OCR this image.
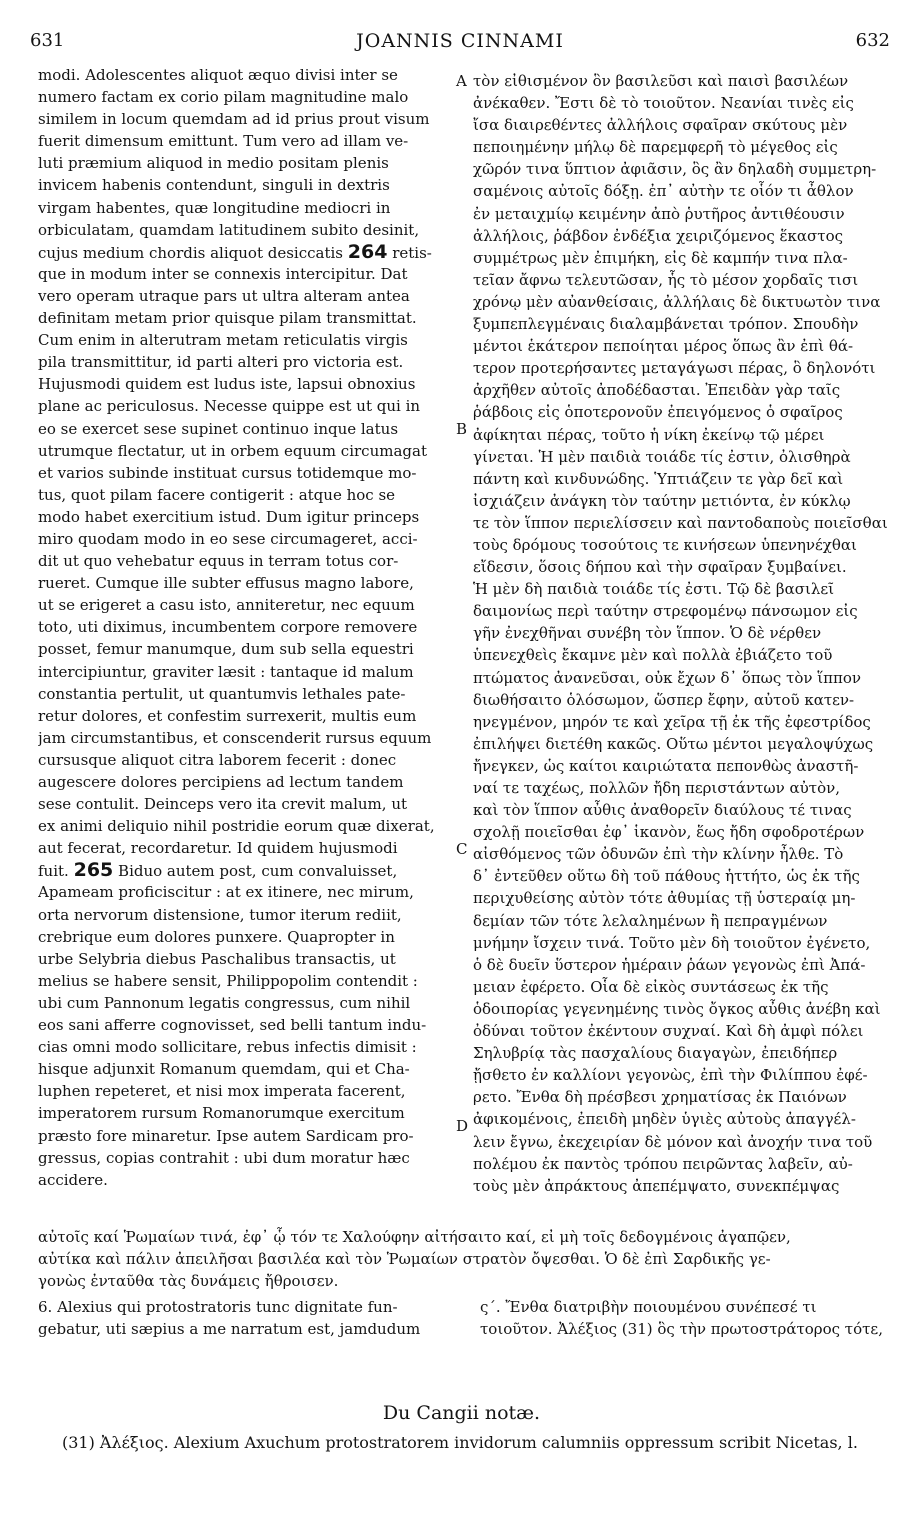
631	JOANNIS CINNAMI	632
modi. Adolescentes aliquot æquo divisi inter se
numero factam ex corio pilam magnitudine malo
similem in locum quemdam ad id prius prout visum
fuerit dimensum emittunt. Tum vero ad illam ve-
luti præmium aliquod in medio positam plenis
invicem habenis contendunt, singuli in dextris
virgam habentes, quæ longitudine mediocri in
orbiculatam, quamdam latitudinem subito desinit,
cujus medium chordis aliquot desiccatis 264 retis-
que in modum inter se connexis intercipitur. Dat
vero operam utraque pars ut ultra alteram antea
definitam metam prior quisque pilam transmittat.
Cum enim in alterutram metam reticulatis virgis
pila transmittitur, id parti alteri pro victoria est.
Hujusmodi quidem est ludus iste, lapsui obnoxius
plane ac periculosus. Necesse quippe est ut qui in
eo se exercet sese supinet continuo inque latus
utrumque flectatur, ut in orbem equum circumagat
et varios subinde instituat cursus totidemque mo-
tus, quot pilam facere contigerit : atque hoc se
modo habet exercitium istud. Dum igitur princeps
miro quodam modo in eo sese circumageret, acci-
dit ut quo vehebatur equus in terram totus cor-
rueret. Cumque ille subter effusus magno labore,
ut se erigeret a casu isto, anniteretur, nec equum
toto, uti diximus, incumbentem corpore removere
posset, femur manumque, dum sub sella equestri
intercipiuntur, graviter læsit : tantaque id malum
constantia pertulit, ut quantumvis lethales pate-
retur dolores, et confestim surrexerit, multis eum
jam circumstantibus, et conscenderit rursus equum
cursusque aliquot citra laborem fecerit : donec
augescere dolores percipiens ad lectum tandem
sese contulit. Deinceps vero ita crevit malum, ut
ex animi deliquio nihil postridie eorum quæ dixerat,
aut fecerat, recordaretur. Id quidem hujusmodi
fuit. 265 Biduo autem post, cum convaluisset,
Apameam proficiscitur : at ex itinere, nec mirum,
orta nervorum distensione, tumor iterum rediit,
crebrique eum dolores punxere. Quapropter in
urbe Selybria diebus Paschalibus transactis, ut
melius se habere sensit, Philippopolim contendit :
ubi cum Pannonum legatis congressus, cum nihil
eos sani afferre cognovisset, sed belli tantum indu-
cias omni modo sollicitare, rebus infectis dimisit :
hisque adjunxit Romanum quemdam, qui et Cha-
luphen repeteret, et nisi mox imperata facerent,
imperatorem rursum Romanorumque exercitum
præsto fore minaretur. Ipse autem Sardicam pro-
gressus, copias contrahit : ubi dum moratur hæc
accidere.
τὸν εἰθισμένον ὃν βασιλεῦσι καὶ παισὶ βασιλέων
ἀνέκαθεν. Ἔστι δὲ τὸ τοιοῦτον. Νεανίαι τινὲς εἰς
ἴσα διαιρεθέντες ἀλλήλοις σφαῖραν σκύτους μὲν
πεποιημένην μήλῳ δὲ παρεμφερῆ τὸ μέγεθος εἰς
χῶρόν τινα ὕπτιον ἀφιᾶσιν, ὃς ἂν δηλαδὴ συμμετρη-
σαμένοις αὐτοῖς δόξῃ. ἐπ᾽ αὐτὴν τε οἷόν τι ἆθλον
ἐν μεταιχμίῳ κειμένην ἀπὸ ῥυτῆρος ἀντιθέουσιν
ἀλλήλοις, ῥάβδον ἐνδέξια χειριζόμενος ἕκαστος
συμμέτρως μὲν ἐπιμήκη, εἰς δὲ καμπήν τινα πλα-
τεῖαν ἄφνω τελευτῶσαν, ἧς τὸ μέσον χορδαῖς τισι
χρόνῳ μὲν αὐανθείσαις, ἀλλήλαις δὲ δικτυωτὸν τινα
ξυμπεπλεγμέναις διαλαμβάνεται τρόπον. Σπουδὴν
μέντοι ἑκάτερον πεποίηται μέρος ὅπως ἂν ἐπὶ θά-
τερον προτερήσαντες μεταγάγωσι πέρας, ὃ δηλονότι
ἀρχῆθεν αὐτοῖς ἀποδέδασται. Ἐπειδὰν γὰρ ταῖς
ῥάβδοις εἰς ὁποτερονοῦν ἐπειγόμενος ὁ σφαῖρος
ἀφίκηται πέρας, τοῦτο ἡ νίκη ἐκείνῳ τῷ μέρει
γίνεται. Ἡ μὲν παιδιὰ τοιάδε τίς ἐστιν, ὀλισθηρὰ
πάντη καὶ κινδυνώδης. Ὑπτιάζειν τε γὰρ δεῖ καὶ
ἰσχιάζειν ἀνάγκη τὸν ταύτην μετιόντα, ἐν κύκλῳ
τε τὸν ἵππον περιελίσσειν καὶ παντοδαποὺς ποιεῖσθαι
τοὺς δρόμους τοσούτοις τε κινήσεων ὑπενηνέχθαι
εἴδεσιν, ὅσοις δήπου καὶ τὴν σφαῖραν ξυμβαίνει.
Ἡ μὲν δὴ παιδιὰ τοιάδε τίς ἐστι. Τῷ δὲ βασιλεῖ
δαιμονίως περὶ ταύτην στρεφομένῳ πάνσωμον εἰς
γῆν ἐνεχθῆναι συνέβη τὸν ἵππον. Ὁ δὲ νέρθεν
ὑπενεχθεὶς ἔκαμνε μὲν καὶ πολλὰ ἐβιάζετο τοῦ
πτώματος ἀνανεῦσαι, οὐκ ἔχων δ᾽ ὅπως τὸν ἵππον
διωθήσαιτο ὁλόσωμον, ὥσπερ ἔφην, αὐτοῦ κατεν-
ηνεγμένον, μηρόν τε καὶ χεῖρα τῇ ἐκ τῆς ἐφεστρίδος
ἐπιλήψει διετέθη κακῶς. Οὕτω μέντοι μεγαλοψύχως
ἤνεγκεν, ὡς καίτοι καιριώτατα πεπονθὼς ἀναστῆ-
ναί τε ταχέως, πολλῶν ἤδη περιστάντων αὐτὸν,
καὶ τὸν ἵππον αὖθις ἀναθορεῖν διαύλους τέ τινας
σχολῇ ποιεῖσθαι ἐφ᾽ ἱκανὸν, ἕως ἤδη σφοδροτέρων
αἰσθόμενος τῶν ὀδυνῶν ἐπὶ τὴν κλίνην ἦλθε. Τὸ
δ᾽ ἐντεῦθεν οὕτω δὴ τοῦ πάθους ἡττήτο, ὡς ἐκ τῆς
περιχυθείσης αὐτὸν τότε ἀθυμίας τῇ ὑστεραίᾳ μη-
δεμίαν τῶν τότε λελαλημένων ἢ πεπραγμένων
μνήμην ἴσχειν τινά. Τοῦτο μὲν δὴ τοιοῦτον ἐγένετο,
ὁ δὲ δυεῖν ὕστερον ἡμέραιν ῥάων γεγονὼς ἐπὶ Ἀπά-
μειαν ἐφέρετο. Οἷα δὲ εἰκὸς συντάσεως ἐκ τῆς
ὁδοιπορίας γεγενημένης τινὸς ὄγκος αὖθις ἀνέβη καὶ
ὀδύναι τοῦτον ἐκέντουν συχναί. Καὶ δὴ ἀμφὶ πόλει
Σηλυβρίᾳ τὰς πασχαλίους διαγαγὼν, ἐπειδήπερ
ᾔσθετο ἐν καλλίονι γεγονὼς, ἐπὶ τὴν Φιλίππου ἐφέ-
ρετο. Ἔνθα δὴ πρέσβεσι χρηματίσας ἐκ Παιόνων
ἀφικομένοις, ἐπειδὴ μηδὲν ὑγιὲς αὐτοὺς ἀπαγγέλ-
λειν ἔγνω, ἐκεχειρίαν δὲ μόνον καὶ ἀνοχήν τινα τοῦ
πολέμου ἐκ παντὸς τρόπου πειρῶντας λαβεῖν, αὐ-
τοὺς μὲν ἀπράκτους ἀπεπέμψατο, συνεκπέμψας
A
B
C
D
αὐτοῖς καί Ῥωμαίων τινά, ἐφ᾽ ᾧ τόν τε Χαλούφην αἰτήσαιτο καί, εἰ μὴ τοῖς δεδογμένοις ἀγαπῷεν,
αὐτίκα καὶ πάλιν ἀπειλῆσαι βασιλέα καὶ τὸν Ῥωμαίων στρατὸν ὄψεσθαι. Ὁ δὲ ἐπὶ Σαρδικῆς γε-
γονὼς ἐνταῦθα τὰς δυνάμεις ἤθροισεν.
6. Alexius qui protostratoris tunc dignitate fun-
gebatur, uti sæpius a me narratum est, jamdudum
ς΄. Ἔνθα διατριβὴν ποιουμένου συνέπεσέ τι
τοιοῦτον. Ἀλέξιος (31) ὃς τὴν πρωτοστράτορος τότε,
Du Cangii notæ.
(31) Ἀλέξιος. Alexium Axuchum protostratorem invidorum calumniis oppressum scribit Nicetas, l.
